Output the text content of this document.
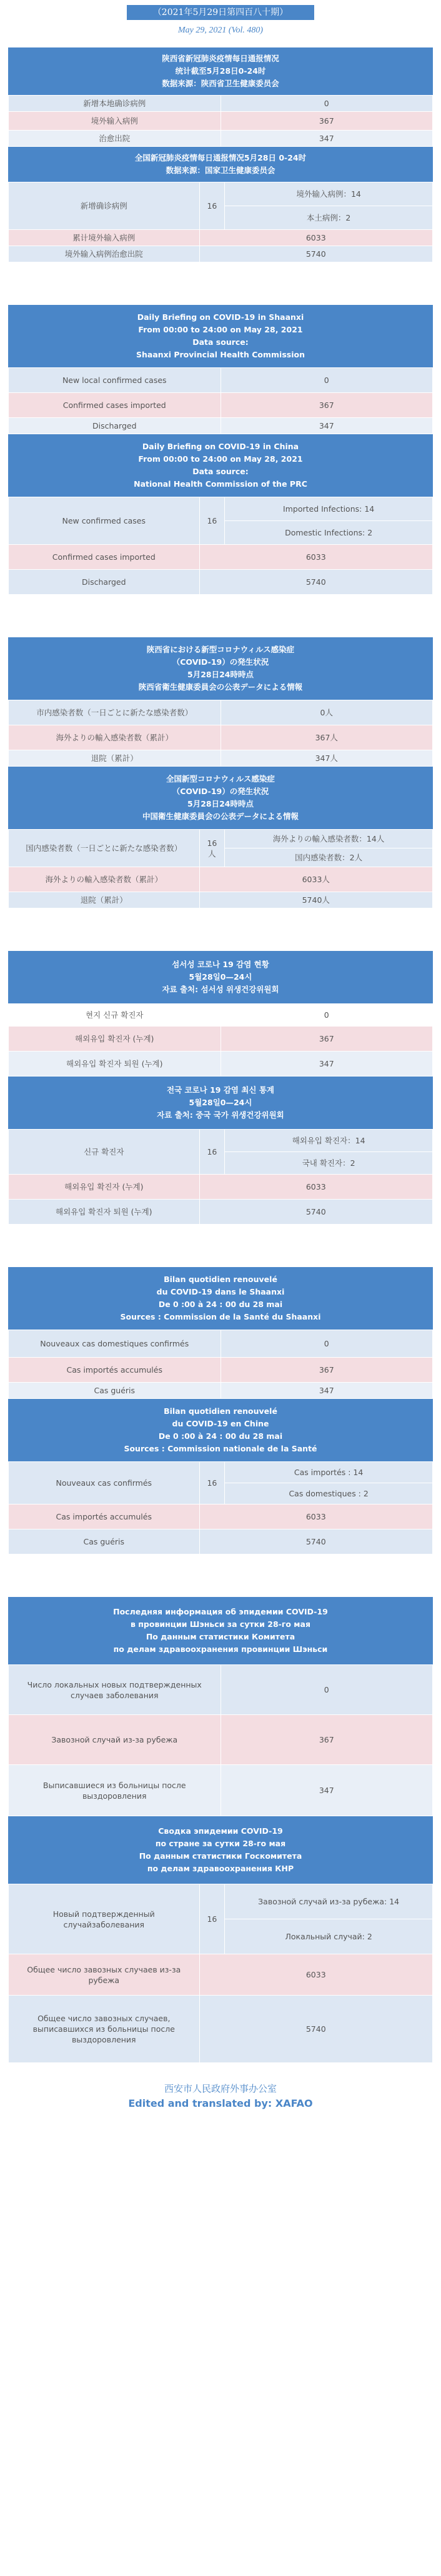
（2021年5月29日第四百八十期）
May 29, 2021 (Vol. 480)
陕西省新冠肺炎疫情每日通报情况
统计截至5月28日0-24时
数据来源：陕西省卫生健康委员会
新增本地确诊病例	0
境外输入病例	367
治愈出院	347
全国新冠肺炎疫情每日通报情况5月28日 0-24时
数据来源：国家卫生健康委员会
新增确诊病例	16	境外输入病例：14
		本土病例：2
累计境外输入病例	6033	
境外输入病例治愈出院	5740	
Daily Briefing on COVID-19 in Shaanxi
From 00:00 to 24:00 on May 28, 2021
Data source:
Shaanxi Provincial Health Commission
New local confirmed cases	0
Confirmed cases imported	367
Discharged	347
Daily Briefing on COVID-19 in China
From 00:00 to 24:00 on May 28, 2021
Data source:
National Health Commission of the PRC
New confirmed cases	16	Imported Infections: 14
		Domestic Infections: 2
Confirmed cases imported	6033	
Discharged	5740	
陝西省における新型コロナウィルス感染症
（COVID-19）の発生状況
5月28日24時時点
陝西省衛生健康委員会の公表データによる情報
市内感染者数（一日ごとに新たな感染者数）	0人
海外よりの輸入感染者数（累計）	367人
退院（累計）	347人
全国新型コロナウィルス感染症
（COVID-19）の発生状況
5月28日24時時点
中国衛生健康委員会の公表データによる情報
国内感染者数（一日ごとに新たな感染者数）	16人	海外よりの輸入感染者数：14人
		国内感染者数：2人
海外よりの輸入感染者数（累計）	6033人	
退院（累計）	5740人	
섬서성 코로나 19 감염 현황
5월28일0—24시
자료 출처: 섬서성 위생건강위원회
현지 신규 확진자	0
해외유입 확진자 (누계)	367
해외유입 확진자 퇴원 (누계)	347
전국 코로나 19 감염 최신 통계
5월28일0—24시
자료 출처: 중국 국가 위생건강위원회
신규 확진자	16	해외유입 확진자：14
		국내 확진자：2
해외유입 확진자 (누계)	6033	
해외유입 확진자 퇴원 (누계)	5740	
Bilan quotidien renouvelé
du COVID-19 dans le Shaanxi
De 0 :00 à 24 : 00 du 28 mai
Sources : Commission de la Santé du Shaanxi
Nouveaux cas domestiques confirmés	0
Cas importés accumulés	367
Cas guéris	347
Bilan quotidien renouvelé
du COVID-19 en Chine
De 0 :00 à 24 : 00 du 28 mai
Sources : Commission nationale de la Santé
Nouveaux cas confirmés	16	Cas importés : 14
		Cas domestiques : 2
Cas importés accumulés	6033	
Cas guéris	5740	
Последняя информация об эпидемии COVID-19
в провинции Шэньси за сутки 28-го мая
По данным статистики Комитета
по делам здравоохранения провинции Шэньси
Число локальных новых подтвержденных случаев заболевания	0
Завозной случай из-за рубежа	367
Выписавшиеся из больницы после выздоровления	347
Сводка эпидемии COVID-19
по стране за сутки 28-го мая
По данным статистики Госкомитета
по делам здравоохранения КНР
Новый подтвержденный случайзаболевания	16	Завозной случай из-за рубежа: 14
		Локальный случай: 2
Общее число завозных случаев из-за рубежа	6033	
Общее число завозных случаев, выписавшихся из больницы после выздоровления	5740	
西安市人民政府外事办公室
Edited and translated by: XAFAO
